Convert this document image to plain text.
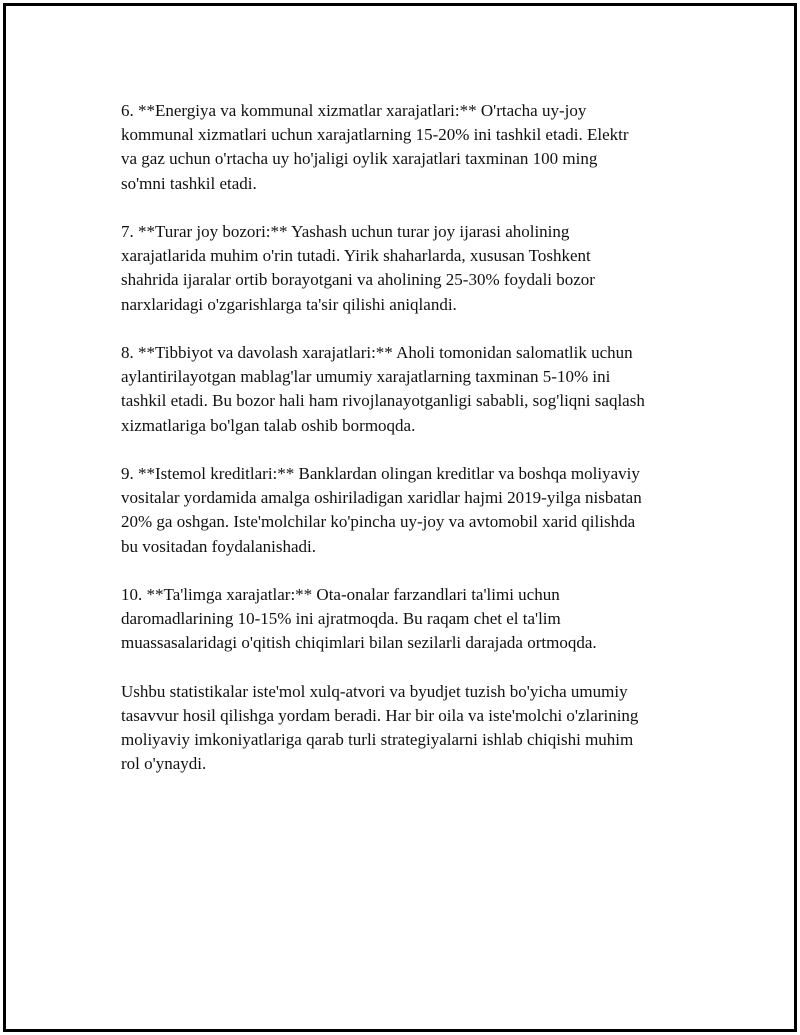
6. **Energiya va kommunal xizmatlar xarajatlari:** O'rtacha uy-joy
kommunal xizmatlari uchun xarajatlarning 15-20% ini tashkil etadi. Elektr
va gaz uchun o'rtacha uy ho'jaligi oylik xarajatlari taxminan 100 ming
so'mni tashkil etadi.

7. **Turar joy bozori:** Yashash uchun turar joy ijarasi aholining
xarajatlarida muhim o'rin tutadi. Yirik shaharlarda, xususan Toshkent
shahrida ijaralar ortib borayotgani va aholining 25-30% foydali bozor
narxlaridagi o'zgarishlarga ta'sir qilishi aniqlandi.

8. **Tibbiyot va davolash xarajatlari:** Aholi tomonidan salomatlik uchun
aylantirilayotgan mablag'lar umumiy xarajatlarning taxminan 5-10% ini
tashkil etadi. Bu bozor hali ham rivojlanayotganligi sababli, sog'liqni saqlash
xizmatlariga bo'lgan talab oshib bormoqda.

9. **Istemol kreditlari:** Banklardan olingan kreditlar va boshqa moliyaviy
vositalar yordamida amalga oshiriladigan xaridlar hajmi 2019-yilga nisbatan
20% ga oshgan. Iste'molchilar ko'pincha uy-joy va avtomobil xarid qilishda
bu vositadan foydalanishadi.

10. **Ta'limga xarajatlar:** Ota-onalar farzandlari ta'limi uchun
daromadlarining 10-15% ini ajratmoqda. Bu raqam chet el ta'lim
muassasalaridagi o'qitish chiqimlari bilan sezilarli darajada ortmoqda.

Ushbu statistikalar iste'mol xulq-atvori va byudjet tuzish bo'yicha umumiy
tasavvur hosil qilishga yordam beradi. Har bir oila va iste'molchi o'zlarining
moliyaviy imkoniyatlariga qarab turli strategiyalarni ishlab chiqishi muhim
rol o'ynaydi.
